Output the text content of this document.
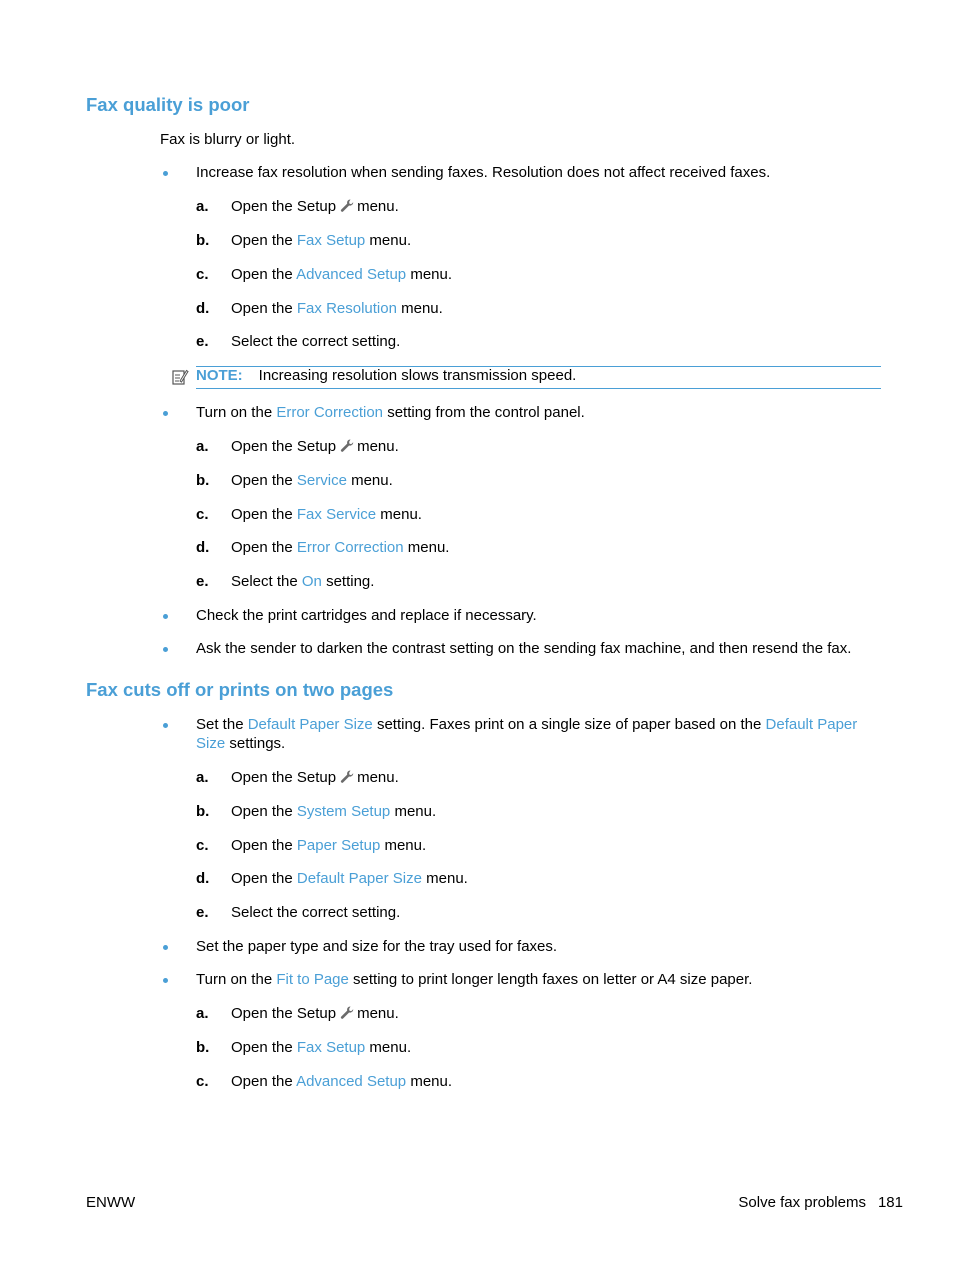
Fax quality is poor
Fax is blurry or light.
Increase fax resolution when sending faxes. Resolution does not affect received faxes.
a. Open the Setup menu.
b. Open the Fax Setup menu.
c. Open the Advanced Setup menu.
d. Open the Fax Resolution menu.
e. Select the correct setting.
NOTE: Increasing resolution slows transmission speed.
Turn on the Error Correction setting from the control panel.
a. Open the Setup menu.
b. Open the Service menu.
c. Open the Fax Service menu.
d. Open the Error Correction menu.
e. Select the On setting.
Check the print cartridges and replace if necessary.
Ask the sender to darken the contrast setting on the sending fax machine, and then resend the fax.
Fax cuts off or prints on two pages
Set the Default Paper Size setting. Faxes print on a single size of paper based on the Default Paper
Size settings.
a. Open the Setup menu.
b. Open the System Setup menu.
c. Open the Paper Setup menu.
d. Open the Default Paper Size menu.
e. Select the correct setting.
Set the paper type and size for the tray used for faxes.
Turn on the Fit to Page setting to print longer length faxes on letter or A4 size paper.
a. Open the Setup menu.
b. Open the Fax Setup menu.
c. Open the Advanced Setup menu.
ENWW	Solve fax problems 181
